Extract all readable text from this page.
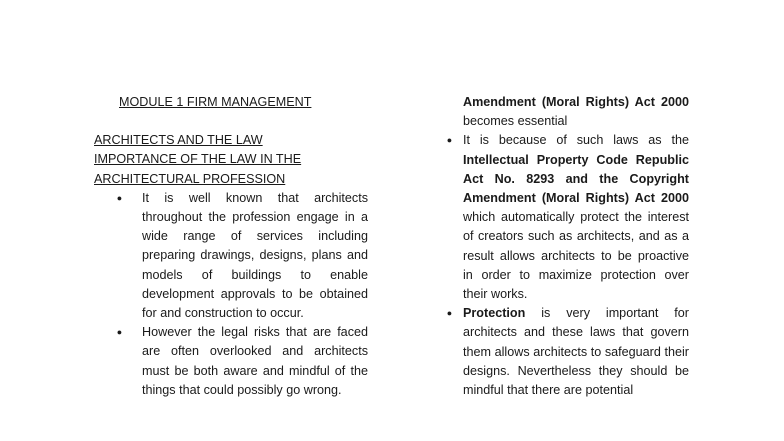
MODULE 1 FIRM MANAGEMENT
ARCHITECTS AND THE LAW
IMPORTANCE OF THE LAW IN THE
ARCHITECTURAL PROFESSION
●	It is well known that architects throughout the profession engage in a wide range of services including preparing drawings, designs, plans and models of buildings to enable development approvals to be obtained for and construction to occur.
●	However the legal risks that are faced are often overlooked and architects must be both aware and mindful of the things that could possibly go wrong.
Amendment (Moral Rights) Act 2000 becomes essential
● It is because of such laws as the Intellectual Property Code Republic Act No. 8293 and the Copyright Amendment (Moral Rights) Act 2000 which automatically protect the interest of creators such as architects, and as a result allows architects to be proactive in order to maximize protection over their works.
● Protection is very important for architects and these laws that govern them allows architects to safeguard their designs. Nevertheless they should be mindful that there are potential
